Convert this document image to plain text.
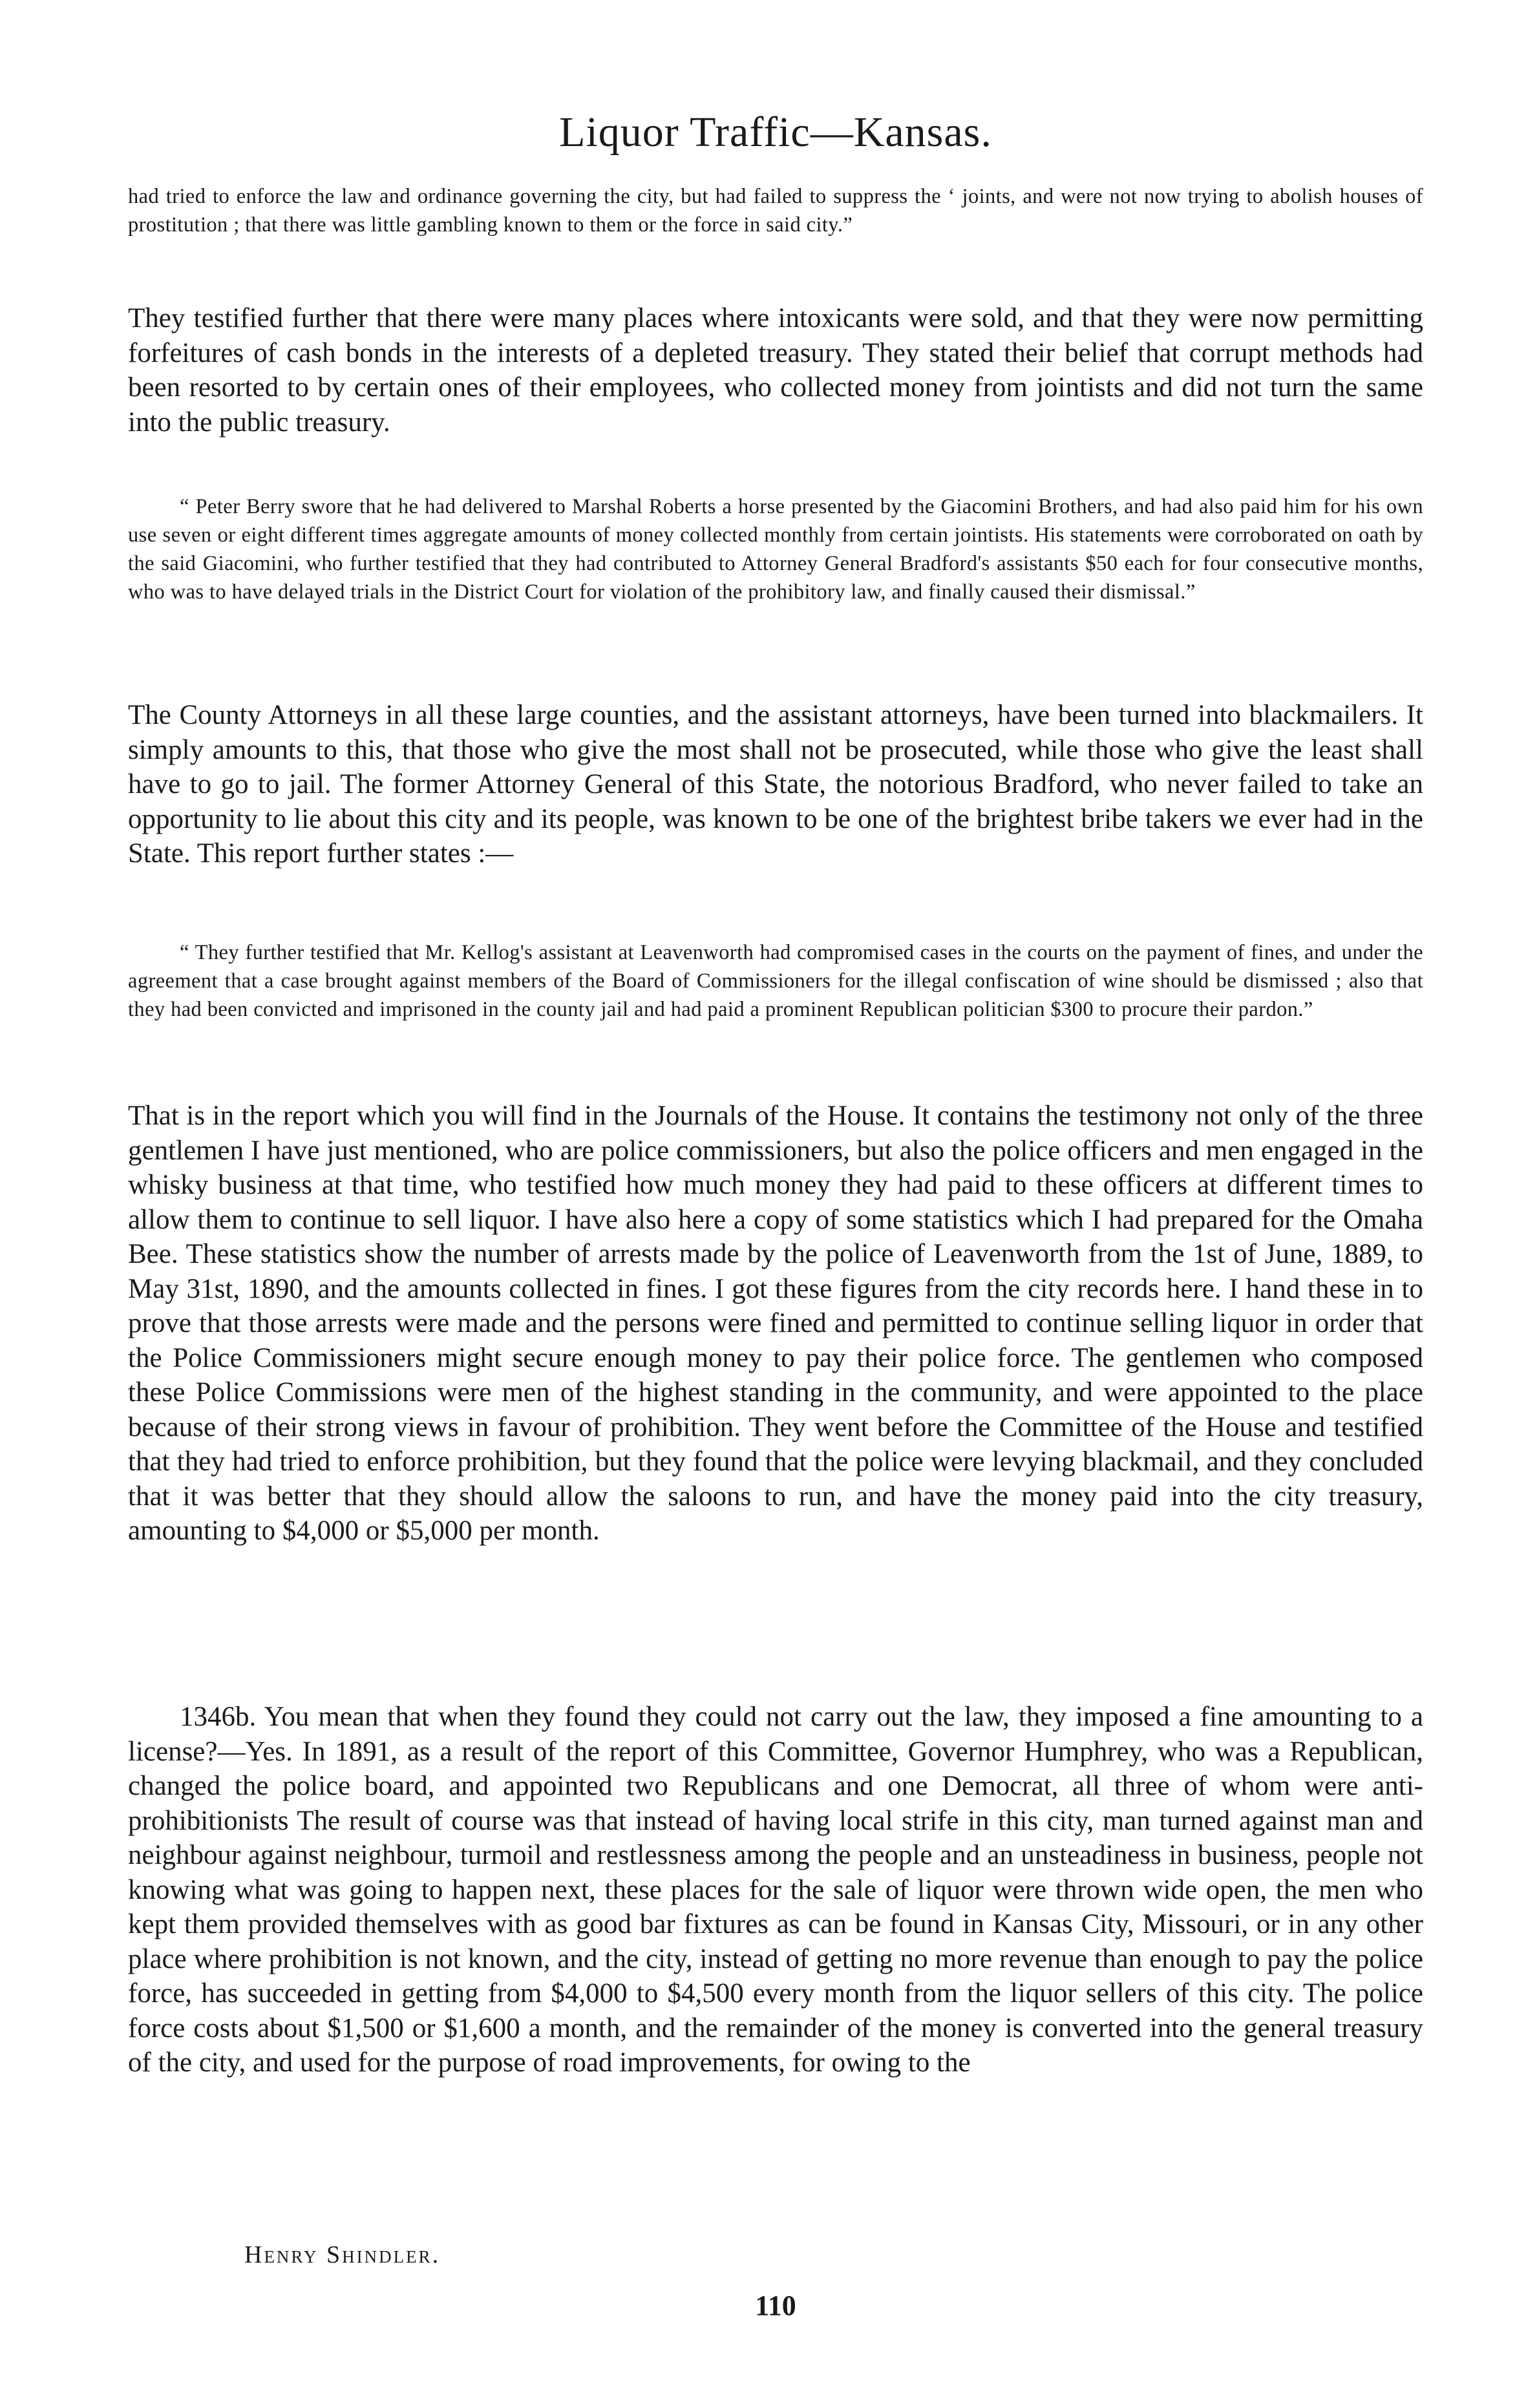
Liquor Traffic—Kansas.

had tried to enforce the law and ordinance governing the city, but had failed to suppress the ‘ joints, and were not now trying to abolish houses of prostitution ; that there was little gambling known to them or the force in said city.”

They testified further that there were many places where intoxicants were sold, and that they were now permitting forfeitures of cash bonds in the interests of a depleted treasury. They stated their belief that corrupt methods had been resorted to by certain ones of their employees, who collected money from jointists and did not turn the same into the public treasury.

“ Peter Berry swore that he had delivered to Marshal Roberts a horse presented by the Giacomini Brothers, and had also paid him for his own use seven or eight different times aggregate amounts of money collected monthly from certain jointists. His statements were corroborated on oath by the said Giacomini, who further testified that they had contributed to Attorney General Bradford's assistants $50 each for four consecutive months, who was to have delayed trials in the District Court for violation of the prohibitory law, and finally caused their dismissal.”

The County Attorneys in all these large counties, and the assistant attorneys, have been turned into blackmailers. It simply amounts to this, that those who give the most shall not be prosecuted, while those who give the least shall have to go to jail. The former Attorney General of this State, the notorious Bradford, who never failed to take an opportunity to lie about this city and its people, was known to be one of the brightest bribe takers we ever had in the State. This report further states :—

“ They further testified that Mr. Kellog's assistant at Leavenworth had compromised cases in the courts on the payment of fines, and under the agreement that a case brought against members of the Board of Commissioners for the illegal confiscation of wine should be dismissed ; also that they had been convicted and imprisoned in the county jail and had paid a prominent Republican politician $300 to procure their pardon.”

That is in the report which you will find in the Journals of the House. It contains the testimony not only of the three gentlemen I have just mentioned, who are police commissioners, but also the police officers and men engaged in the whisky business at that time, who testified how much money they had paid to these officers at different times to allow them to continue to sell liquor. I have also here a copy of some statistics which I had prepared for the Omaha Bee. These statistics show the number of arrests made by the police of Leavenworth from the 1st of June, 1889, to May 31st, 1890, and the amounts collected in fines. I got these figures from the city records here. I hand these in to prove that those arrests were made and the persons were fined and permitted to continue selling liquor in order that the Police Commissioners might secure enough money to pay their police force. The gentlemen who composed these Police Commissions were men of the highest standing in the community, and were appointed to the place because of their strong views in favour of prohibition. They went before the Committee of the House and testified that they had tried to enforce prohibition, but they found that the police were levying blackmail, and they concluded that it was better that they should allow the saloons to run, and have the money paid into the city treasury, amounting to $4,000 or $5,000 per month.

1346b. You mean that when they found they could not carry out the law, they imposed a fine amounting to a license?—Yes. In 1891, as a result of the report of this Committee, Governor Humphrey, who was a Republican, changed the police board, and appointed two Republicans and one Democrat, all three of whom were anti-prohibitionists The result of course was that instead of having local strife in this city, man turned against man and neighbour against neighbour, turmoil and restlessness among the people and an unsteadiness in business, people not knowing what was going to happen next, these places for the sale of liquor were thrown wide open, the men who kept them provided themselves with as good bar fixtures as can be found in Kansas City, Missouri, or in any other place where prohibition is not known, and the city, instead of getting no more revenue than enough to pay the police force, has succeeded in getting from $4,000 to $4,500 every month from the liquor sellers of this city. The police force costs about $1,500 or $1,600 a month, and the remainder of the money is converted into the general treasury of the city, and used for the purpose of road improvements, for owing to the

Henry Shindler.
110
